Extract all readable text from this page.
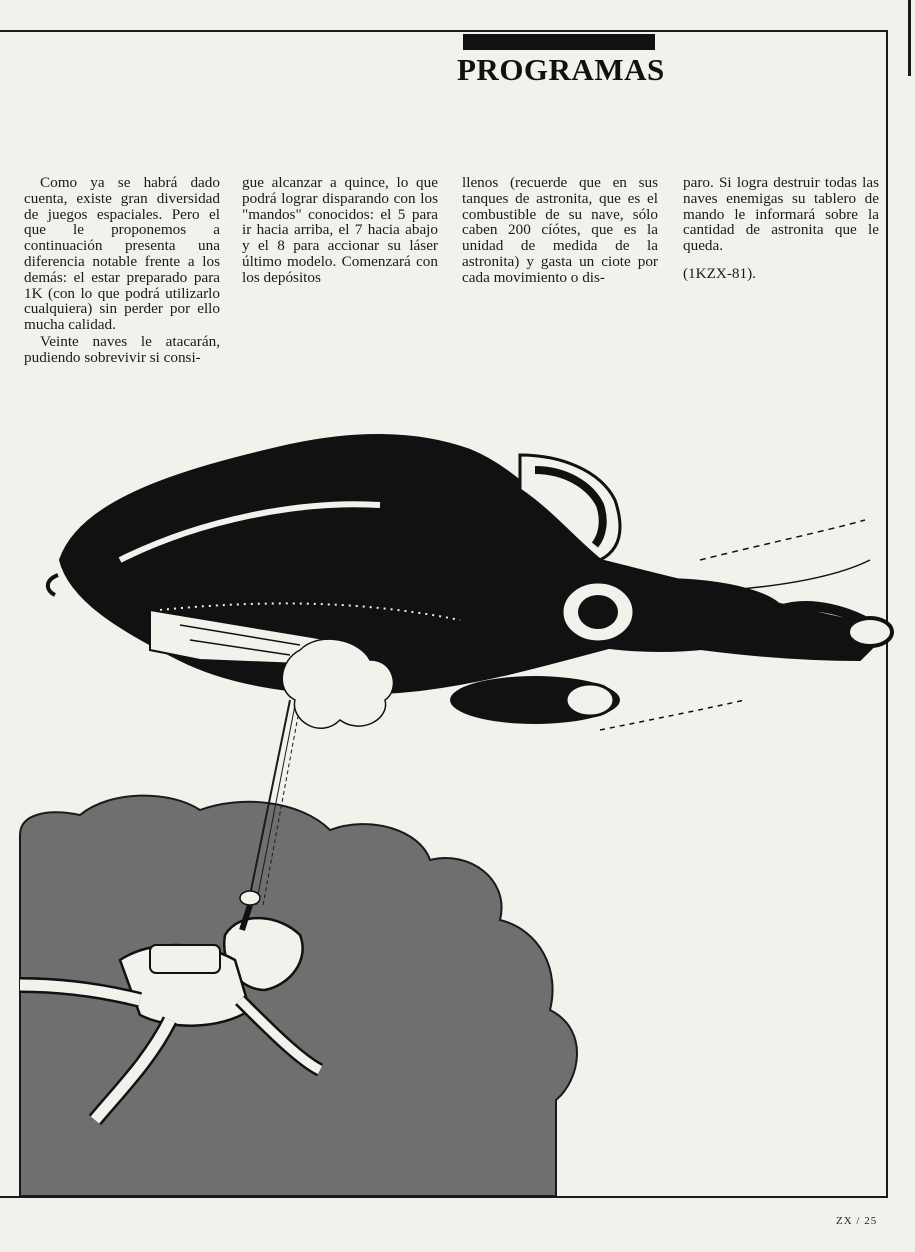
PROGRAMAS

Como ya se habrá dado cuenta, existe gran diversidad de juegos espaciales. Pero el que le proponemos a continuación presenta una diferencia notable frente a los demás: el estar preparado para 1K (con lo que podrá utilizarlo cualquiera) sin perder por ello mucha calidad.

Veinte naves le atacarán, pudiendo sobrevivir si consi-

gue alcanzar a quince, lo que podrá lograr disparando con los "mandos" conocidos: el 5 para ir hacia arriba, el 7 hacia abajo y el 8 para accionar su láser último modelo. Comenzará con los depósitos

llenos (recuerde que en sus tanques de astronita, que es el combustible de su nave, sólo caben 200 cíótes, que es la unidad de medida de la astronita) y gasta un ciote por cada movimiento o dis-

paro. Si logra destruir todas las naves enemigas su tablero de mando le informará sobre la cantidad de astronita que le queda.

(1KZX-81).

ZX / 25
